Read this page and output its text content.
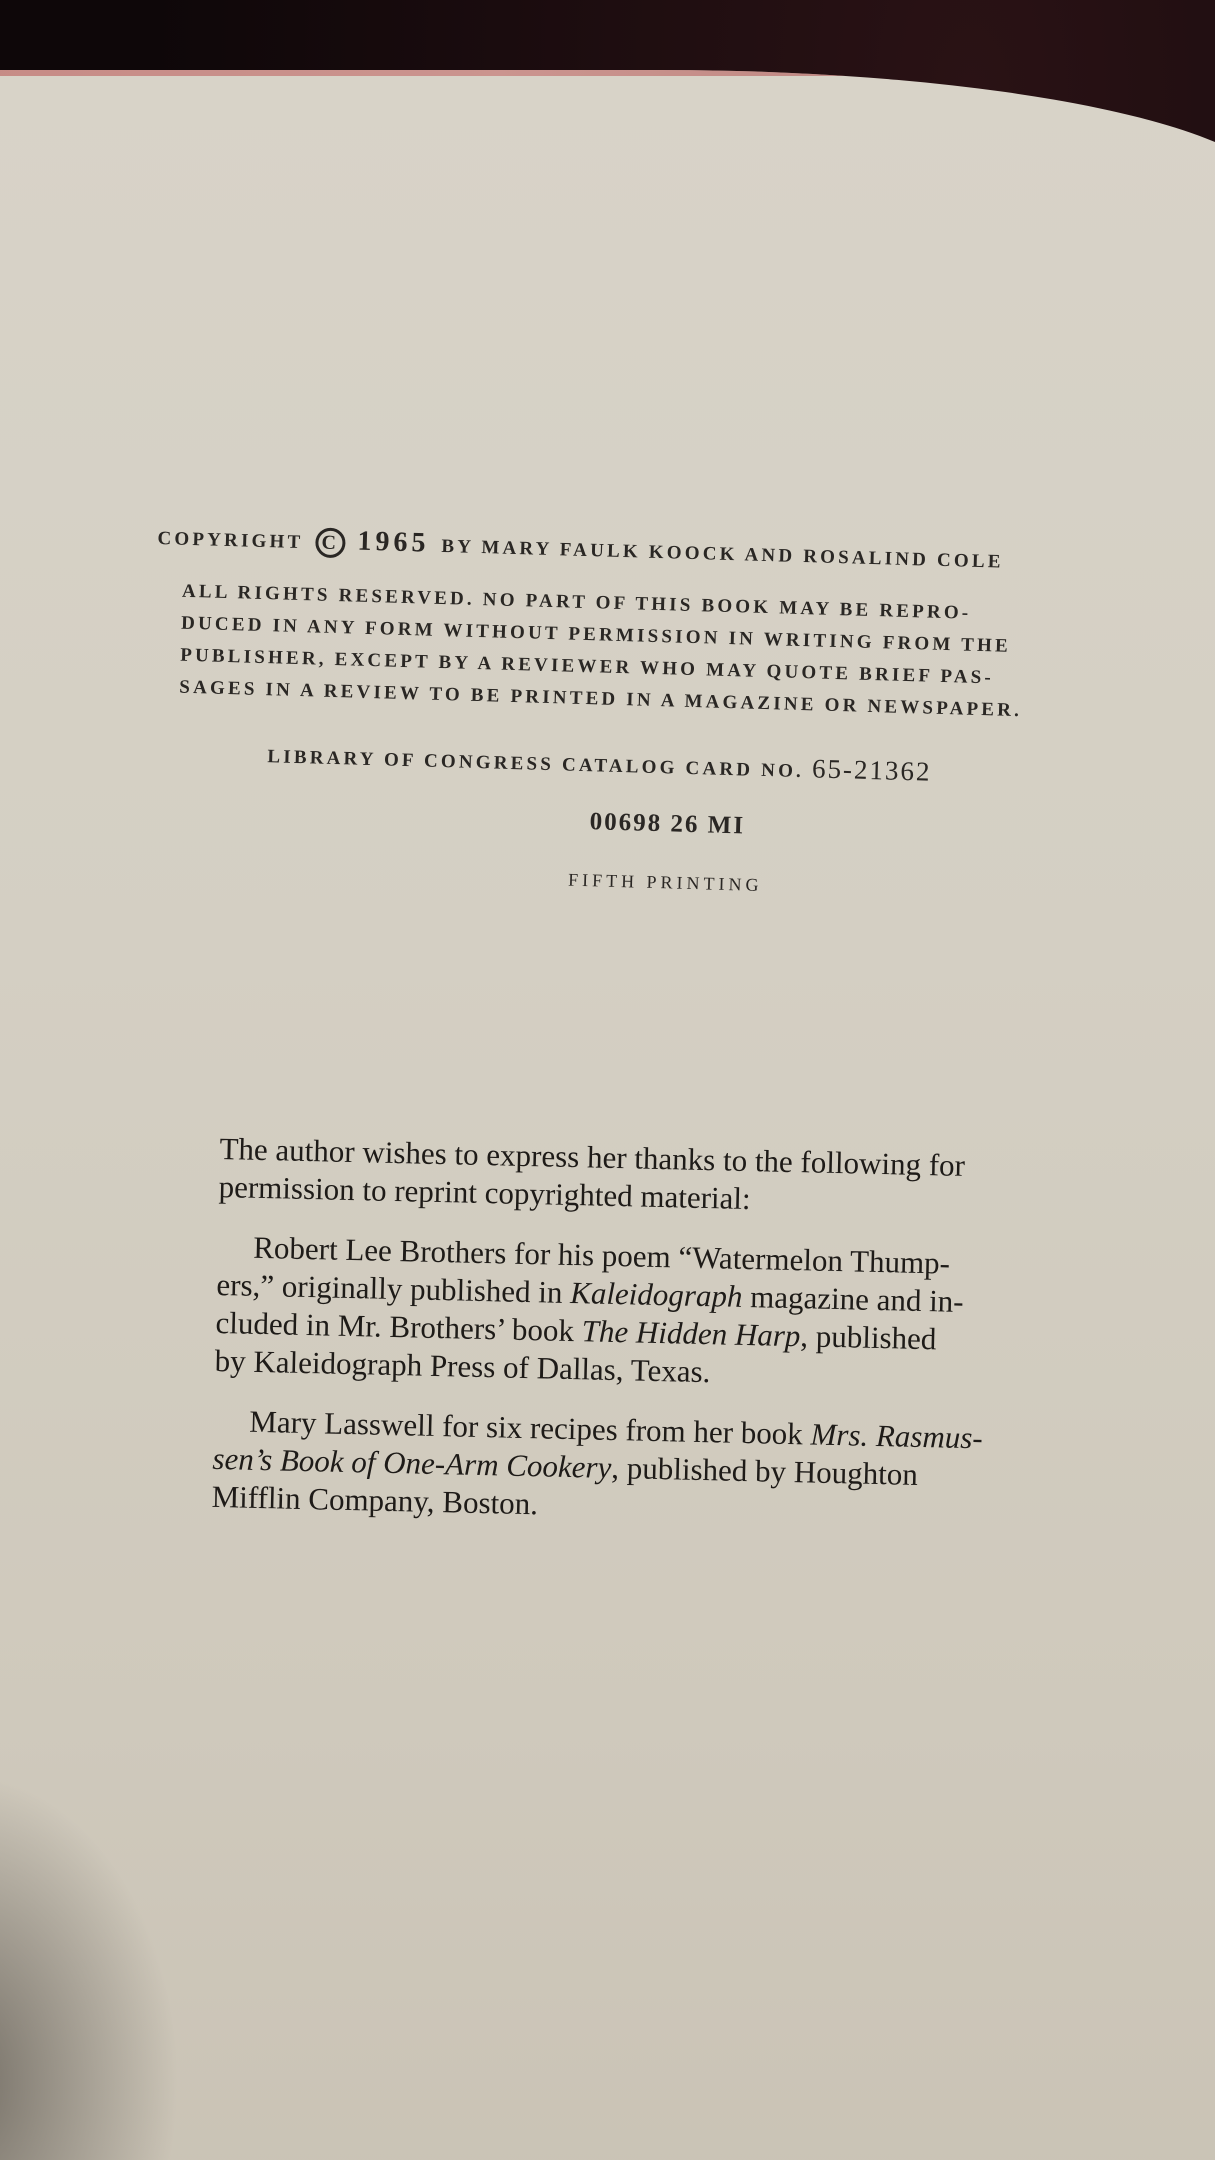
COPYRIGHT C 1965 BY MARY FAULK KOOCK AND ROSALIND COLE
ALL RIGHTS RESERVED. NO PART OF THIS BOOK MAY BE REPRO-
DUCED IN ANY FORM WITHOUT PERMISSION IN WRITING FROM THE
PUBLISHER, EXCEPT BY A REVIEWER WHO MAY QUOTE BRIEF PAS-
SAGES IN A REVIEW TO BE PRINTED IN A MAGAZINE OR NEWSPAPER.
LIBRARY OF CONGRESS CATALOG CARD NO. 65-21362
00698 26 MI
FIFTH PRINTING

The author wishes to express her thanks to the following for
permission to reprint copyrighted material:

Robert Lee Brothers for his poem “Watermelon Thump-
ers,” originally published in Kaleidograph magazine and in-
cluded in Mr. Brothers’ book The Hidden Harp, published
by Kaleidograph Press of Dallas, Texas.

Mary Lasswell for six recipes from her book Mrs. Rasmus-
sen’s Book of One-Arm Cookery, published by Houghton
Mifflin Company, Boston.
